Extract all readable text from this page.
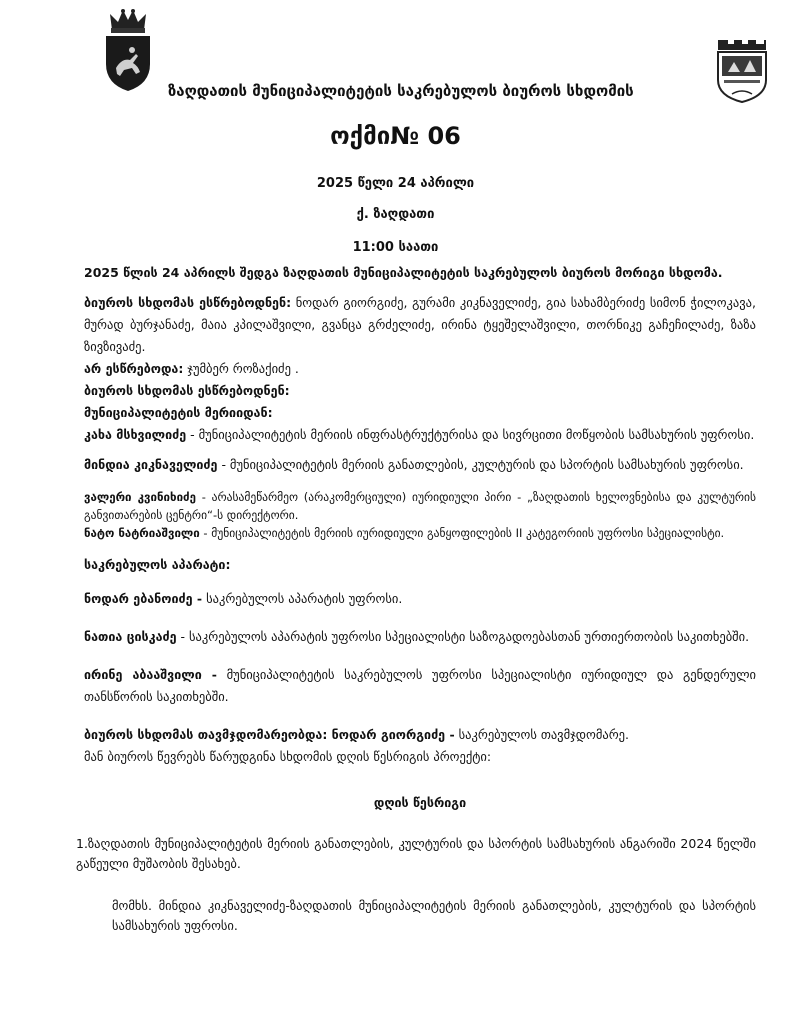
ზაღდათის მუნიციპალიტეტის საკრებულოს ბიუროს სხდომის
ოქმი№ 06
2025 წელი 24 აპრილი
ქ. ზაღდათი
11:00 საათი

2025 წლის 24 აპრილს შედგა ზაღდათის მუნიციპალიტეტის საკრებულოს ბიუროს მორიგი სხდომა.

ბიუროს სხდომას ესწრებოდნენ: ნოდარ გიორგიძე, გურამი კიკნაველიძე, გია სახამბერიძე სიმონ ჭილოკავა, მურად ბურჯანაძე, მაია კპილაშვილი, გვანცა გრძელიძე, ირინა ტყეშელაშვილი, თორნიკე გაჩეჩილაძე, ზაზა ზივზივაძე.

არ ესწრებოდა: ჯუმბერ როზაქიძე .

ბიუროს სხდომას ესწრებოდნენ:

მუნიციპალიტეტის მერიიდან:

კახა მსხვილიძე - მუნიციპალიტეტის მერიის ინფრასტრუქტურისა და სივრცითი მოწყობის სამსახურის უფროსი.

მინდია კიკნაველიძე - მუნიციპალიტეტის მერიის განათლების, კულტურის და სპორტის სამსახურის უფროსი.

ვალერი კვინიხიძე - არასამეწარმეო (არაკომერციული) იურიდიული პირი - „ზაღდათის ხელოვნებისა და კულტურის განვითარების ცენტრი“-ს დირექტორი.

ნატო ნატრიაშვილი - მუნიციპალიტეტის მერიის იურიდიული განყოფილების II კატეგორიის უფროსი სპეციალისტი.

საკრებულოს აპარატი:

ნოდარ ებანოიძე - საკრებულოს აპარატის უფროსი.

ნათია ცისკაძე - საკრებულოს აპარატის უფროსი სპეციალისტი საზოგადოებასთან ურთიერთობის საკითხებში.

ირინე აბააშვილი - მუნიციპალიტეტის საკრებულოს უფროსი სპეციალისტი იურიდიულ და გენდერული თანსწორის საკითხებში.

ბიუროს სხდომას თავმჯდომარეობდა: ნოდარ გიორგიძე - საკრებულოს თავმჯდომარე.

მან ბიუროს წევრებს წარუდგინა სხდომის დღის წესრიგის პროექტი:

დღის წესრიგი

1.ზაღდათის მუნიციპალიტეტის მერიის განათლების, კულტურის და სპორტის სამსახურის ანგარიში 2024 წელში გაწეული მუშაობის შესახებ.

მომხს. მინდია კიკნაველიძე-ზაღდათის მუნიციპალიტეტის მერიის განათლების, კულტურის და სპორტის სამსახურის უფროსი.
